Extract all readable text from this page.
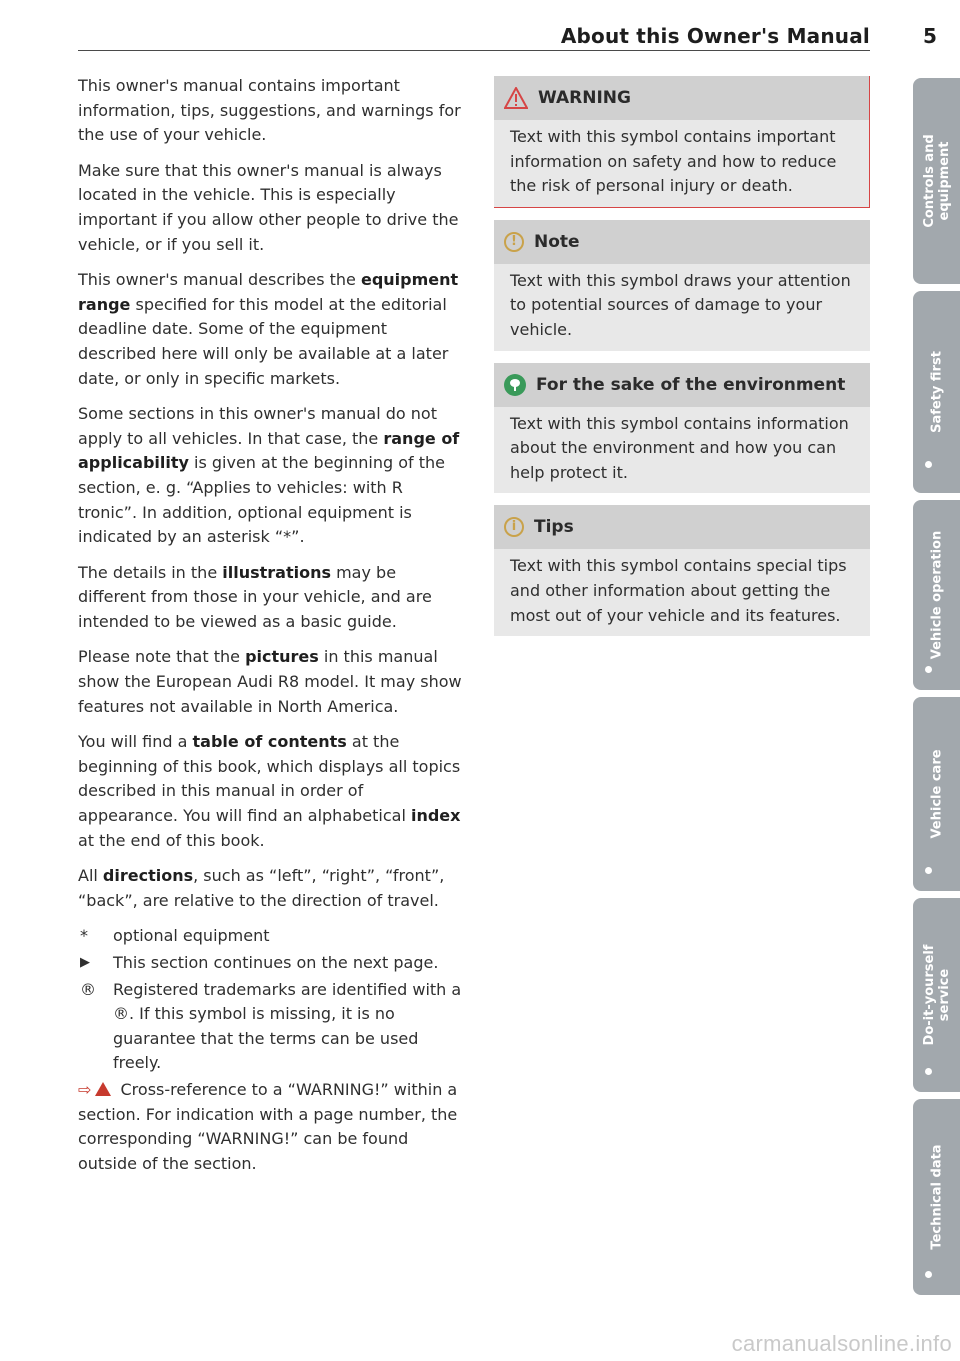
About this Owner's Manual	5

This owner's manual contains important information, tips, suggestions, and warnings for the use of your vehicle.

Make sure that this owner's manual is always located in the vehicle. This is especially important if you allow other people to drive the vehicle, or if you sell it.

This owner's manual describes the equipment range specified for this model at the editorial deadline date. Some of the equipment described here will only be available at a later date, or only in specific markets.

Some sections in this owner's manual do not apply to all vehicles. In that case, the range of applicability is given at the beginning of the section, e. g. “Applies to vehicles: with R tronic”. In addition, optional equipment is indicated by an asterisk “*”.

The details in the illustrations may be different from those in your vehicle, and are intended to be viewed as a basic guide.

Please note that the pictures in this manual show the European Audi R8 model. It may show features not available in North America.

You will find a table of contents at the beginning of this book, which displays all topics described in this manual in order of appearance. You will find an alphabetical index at the end of this book.

All directions, such as “left”, “right”, “front”, “back”, are relative to the direction of travel.

*	optional equipment
▶	This section continues on the next page.
®	Registered trademarks are identified with a ®. If this symbol is missing, it is no guarantee that the terms can be used freely.

⇨ Cross-reference to a “WARNING!” within a section. For indication with a page number, the corresponding “WARNING!” can be found outside of the section.

WARNING
Text with this symbol contains important information on safety and how to reduce the risk of personal injury or death.
!	Note
Text with this symbol draws your attention to potential sources of damage to your vehicle.
For the sake of the environment
Text with this symbol contains information about the environment and how you can help protect it.
i	Tips
Text with this symbol contains special tips and other information about getting the most out of your vehicle and its features.
Controls and equipment
Safety first
Vehicle operation
Vehicle care
Do-it-yourself service
Technical data
carmanualsonline.info
